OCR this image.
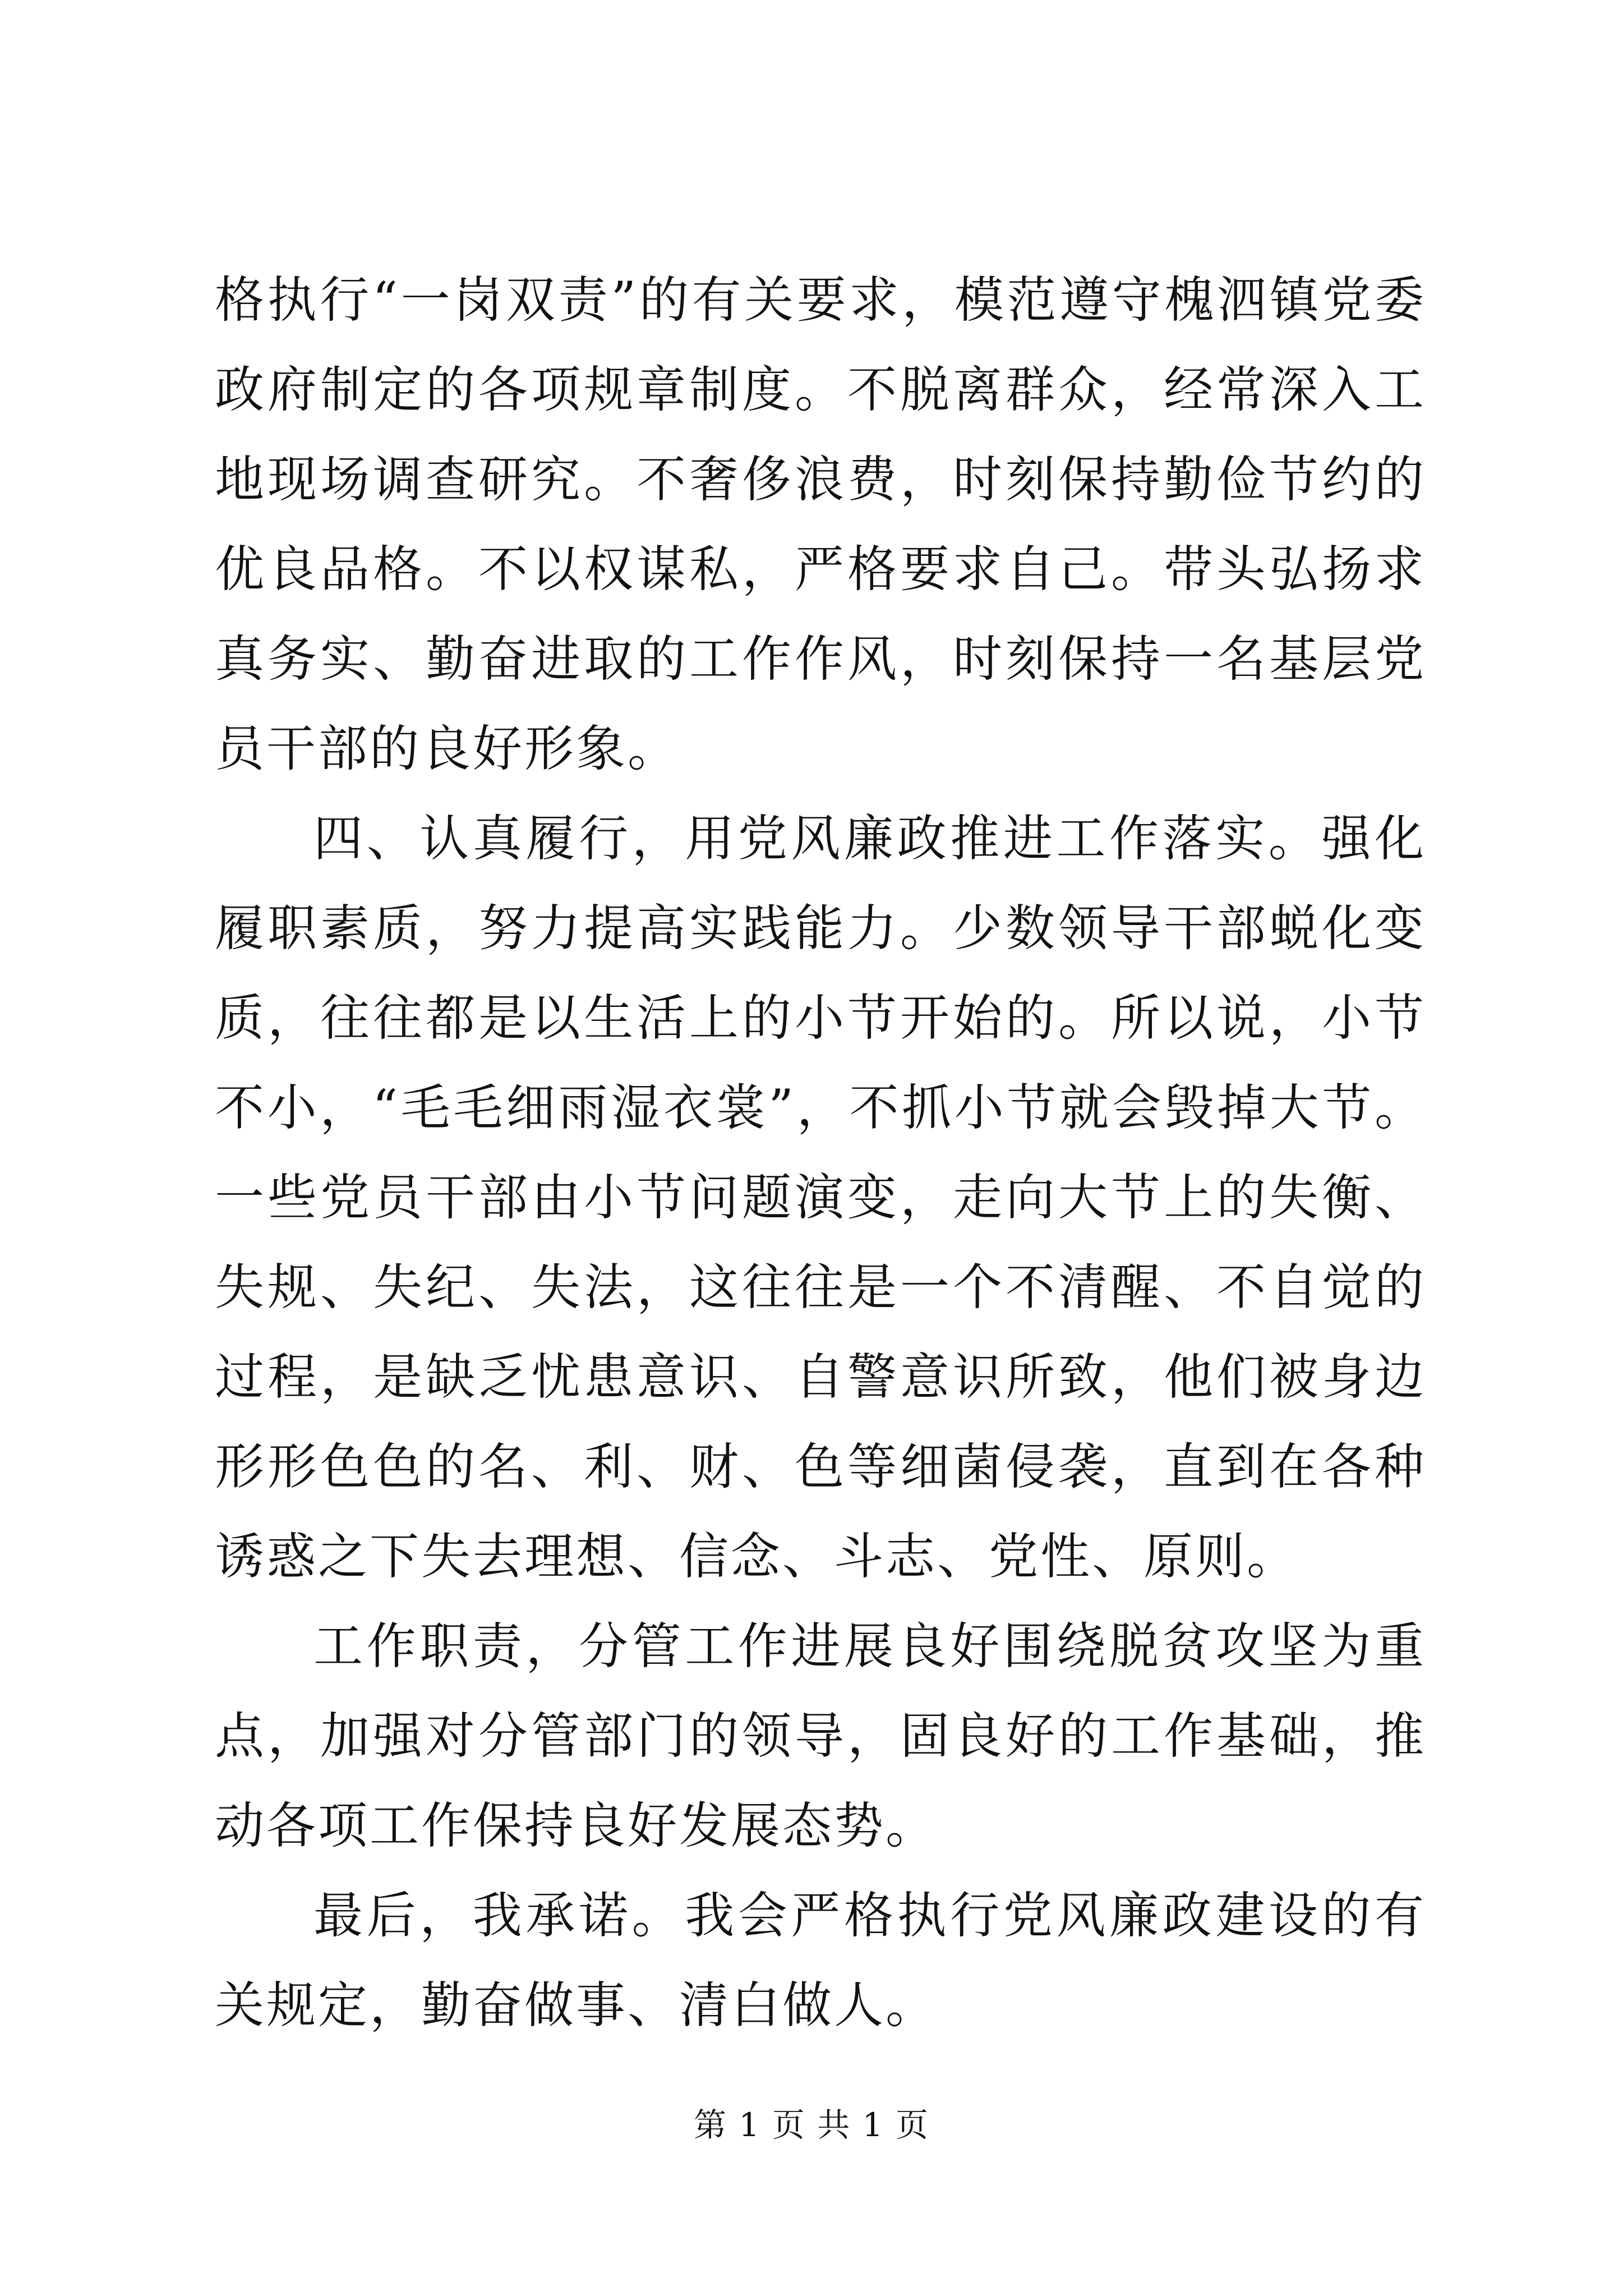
格执行“一岗双责”的有关要求，模范遵守槐泗镇党委政府制定的各项规章制度。不脱离群众，经常深入工地现场调查研究。不奢侈浪费，时刻保持勤俭节约的优良品格。不以权谋私，严格要求自己。带头弘扬求真务实、勤奋进取的工作作风，时刻保持一名基层党员干部的良好形象。

四、认真履行，用党风廉政推进工作落实。强化履职素质，努力提高实践能力。少数领导干部蜕化变质，往往都是以生活上的小节开始的。所以说，小节不小，“毛毛细雨湿衣裳”，不抓小节就会毁掉大节。一些党员干部由小节问题演变，走向大节上的失衡、失规、失纪、失法，这往往是一个不清醒、不自觉的过程，是缺乏忧患意识、自警意识所致，他们被身边形形色色的名、利、财、色等细菌侵袭，直到在各种诱惑之下失去理想、信念、斗志、党性、原则。

工作职责，分管工作进展良好围绕脱贫攻坚为重点，加强对分管部门的领导，固良好的工作基础，推动各项工作保持良好发展态势。

最后，我承诺。我会严格执行党风廉政建设的有关规定，勤奋做事、清白做人。

第 1 页 共 1 页
